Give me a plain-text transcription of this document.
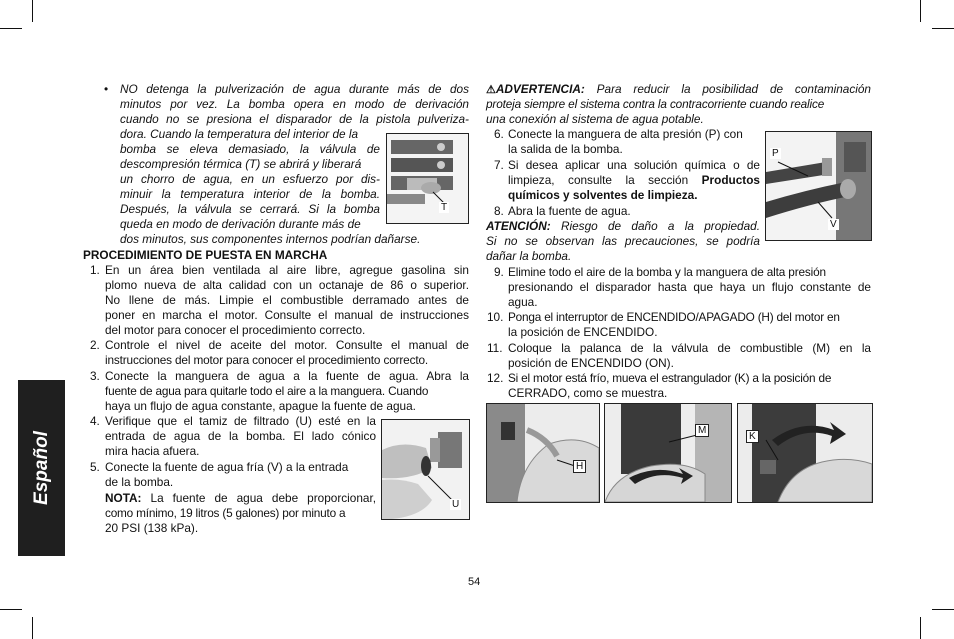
Español
• NO detenga la pulverización de agua durante más de dos
minutos por vez. La bomba opera en modo de derivación
cuando no se presiona el disparador de la pistola pulveriza-
dora. Cuando la temperatura del interior de la
bomba se eleva demasiado, la válvula de
descompresión térmica (T) se abrirá y liberará
un chorro de agua, en un esfuerzo por dis-
minuir la temperatura interior de la bomba.
Después, la válvula se cerrará. Si la bomba
queda en modo de derivación durante más de
dos minutos, sus componentes internos podrían dañarse.
T
PROCEDIMIENTO DE PUESTA EN MARCHA
1. En un área bien ventilada al aire libre, agregue gasolina sin
plomo nueva de alta calidad con un octanaje de 86 o superior.
No llene de más. Limpie el combustible derramado antes de
poner en marcha el motor. Consulte el manual de instrucciones
del motor para conocer el procedimiento correcto.
2. Controle el nivel de aceite del motor. Consulte el manual de
instrucciones del motor para conocer el procedimiento correcto.
3. Conecte la manguera de agua a la fuente de agua. Abra la
fuente de agua para quitarle todo el aire a la manguera. Cuando
haya un flujo de agua constante, apague la fuente de agua.
4. Verifique que el tamiz de filtrado (U) esté en la
entrada de agua de la bomba. El lado cónico
mira hacia afuera.
5. Conecte la fuente de agua fría (V) a la entrada
de la bomba.
NOTA: La fuente de agua debe proporcionar,
como mínimo, 19 litros (5 galones) por minuto a
20 PSI (138 kPa).
U
⚠ADVERTENCIA: Para reducir la posibilidad de contaminación
proteja siempre el sistema contra la contracorriente cuando realice
una conexión al sistema de agua potable.
6. Conecte la manguera de alta presión (P) con
la salida de la bomba.
7. Si desea aplicar una solución química o de
limpieza, consulte la sección Productos
químicos y solventes de limpieza.
8. Abra la fuente de agua.
ATENCIÓN: Riesgo de daño a la propiedad.
Si no se observan las precauciones, se podría
dañar la bomba.
P
V
9. Elimine todo el aire de la bomba y la manguera de alta presión
presionando el disparador hasta que haya un flujo constante de
agua.
10. Ponga el interruptor de ENCENDIDO/APAGADO (H) del motor en
la posición de ENCENDIDO.
11. Coloque la palanca de la válvula de combustible (M) en la
posición de ENCENDIDO (ON).
12. Si el motor está frío, mueva el estrangulador (K) a la posición de
CERRADO, como se muestra.
H
M
K
54
